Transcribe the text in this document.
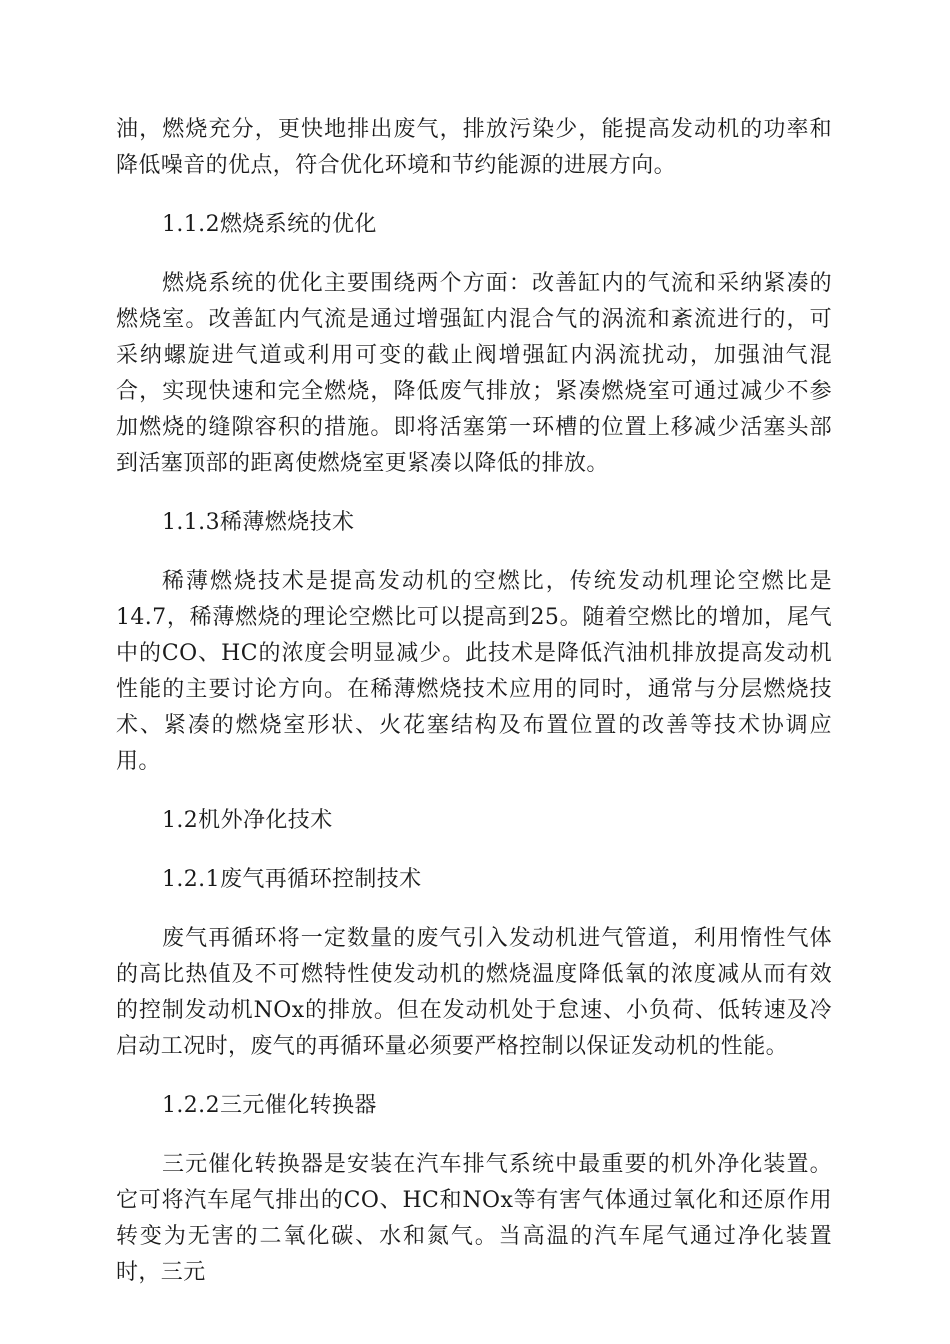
油，燃烧充分，更快地排出废气，排放污染少，能提高发动机的功率和降低噪音的优点，符合优化环境和节约能源的进展方向。

1.1.2燃烧系统的优化

燃烧系统的优化主要围绕两个方面：改善缸内的气流和采纳紧凑的燃烧室。改善缸内气流是通过增强缸内混合气的涡流和紊流进行的，可采纳螺旋进气道或利用可变的截止阀增强缸内涡流扰动，加强油气混合，实现快速和完全燃烧，降低废气排放；紧凑燃烧室可通过减少不参加燃烧的缝隙容积的措施。即将活塞第一环槽的位置上移减少活塞头部到活塞顶部的距离使燃烧室更紧凑以降低的排放。

1.1.3稀薄燃烧技术

稀薄燃烧技术是提高发动机的空燃比，传统发动机理论空燃比是14.7，稀薄燃烧的理论空燃比可以提高到25。随着空燃比的增加，尾气中的CO、HC的浓度会明显减少。此技术是降低汽油机排放提高发动机性能的主要讨论方向。在稀薄燃烧技术应用的同时，通常与分层燃烧技术、紧凑的燃烧室形状、火花塞结构及布置位置的改善等技术协调应用。

1.2机外净化技术

1.2.1废气再循环控制技术

废气再循环将一定数量的废气引入发动机进气管道，利用惰性气体的高比热值及不可燃特性使发动机的燃烧温度降低氧的浓度减从而有效的控制发动机NOx的排放。但在发动机处于怠速、小负荷、低转速及冷启动工况时，废气的再循环量必须要严格控制以保证发动机的性能。

1.2.2三元催化转换器

三元催化转换器是安装在汽车排气系统中最重要的机外净化装置。它可将汽车尾气排出的CO、HC和NOx等有害气体通过氧化和还原作用转变为无害的二氧化碳、水和氮气。当高温的汽车尾气通过净化装置时，三元
